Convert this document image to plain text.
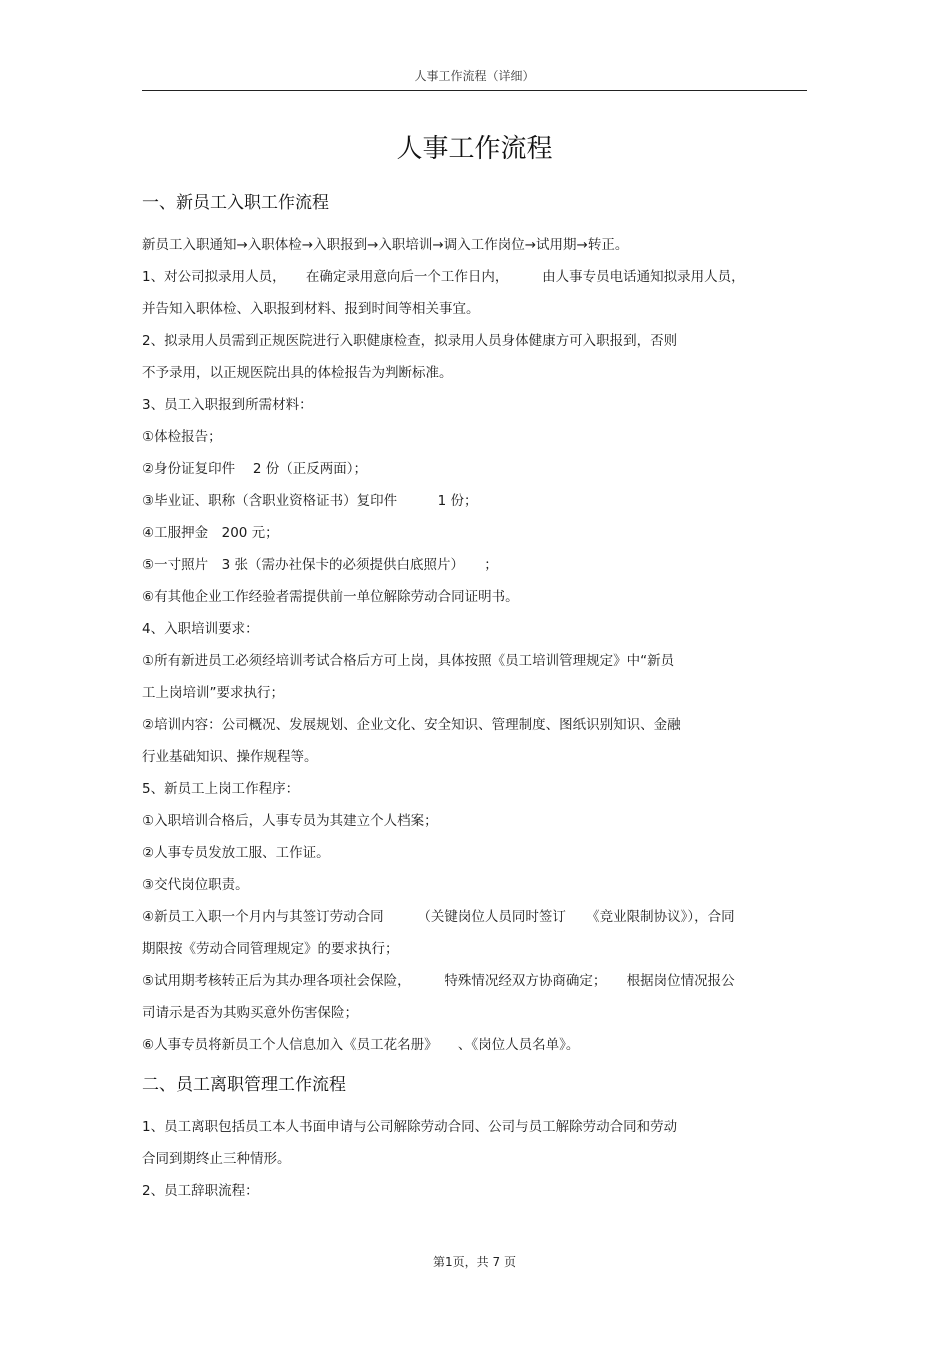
人事工作流程（详细）
人事工作流程
一、新员工入职工作流程
新员工入职通知→入职体检→入职报到→入职培训→调入工作岗位→试用期→转正。
1、对公司拟录用人员，　　在确定录用意向后一个工作日内，　　　由人事专员电话通知拟录用人员，
并告知入职体检、入职报到材料、报到时间等相关事宜。
2、拟录用人员需到正规医院进行入职健康检查，拟录用人员身体健康方可入职报到，否则
不予录用，以正规医院出具的体检报告为判断标准。
3、员工入职报到所需材料：
①体检报告；
②身份证复印件　 2 份（正反两面）；
③毕业证、职称（含职业资格证书）复印件　　　1 份；
④工服押金　200 元；
⑤一寸照片　3 张（需办社保卡的必须提供白底照片）　　；
⑥有其他企业工作经验者需提供前一单位解除劳动合同证明书。
4、入职培训要求：
①所有新进员工必须经培训考试合格后方可上岗，具体按照《员工培训管理规定》中“新员
工上岗培训”要求执行；
②培训内容：公司概况、发展规划、企业文化、安全知识、管理制度、图纸识别知识、金融
行业基础知识、操作规程等。
5、新员工上岗工作程序：
①入职培训合格后，人事专员为其建立个人档案；
②人事专员发放工服、工作证。
③交代岗位职责。
④新员工入职一个月内与其签订劳动合同　　　（关键岗位人员同时签订　　《竞业限制协议》），合同
期限按《劳动合同管理规定》的要求执行；
⑤试用期考核转正后为其办理各项社会保险，　　　特殊情况经双方协商确定；　　根据岗位情况报公
司请示是否为其购买意外伤害保险；
⑥人事专员将新员工个人信息加入《员工花名册》　　、《岗位人员名单》。
二、员工离职管理工作流程
1、员工离职包括员工本人书面申请与公司解除劳动合同、公司与员工解除劳动合同和劳动
合同到期终止三种情形。
2、员工辞职流程：
第1页，共 7 页
